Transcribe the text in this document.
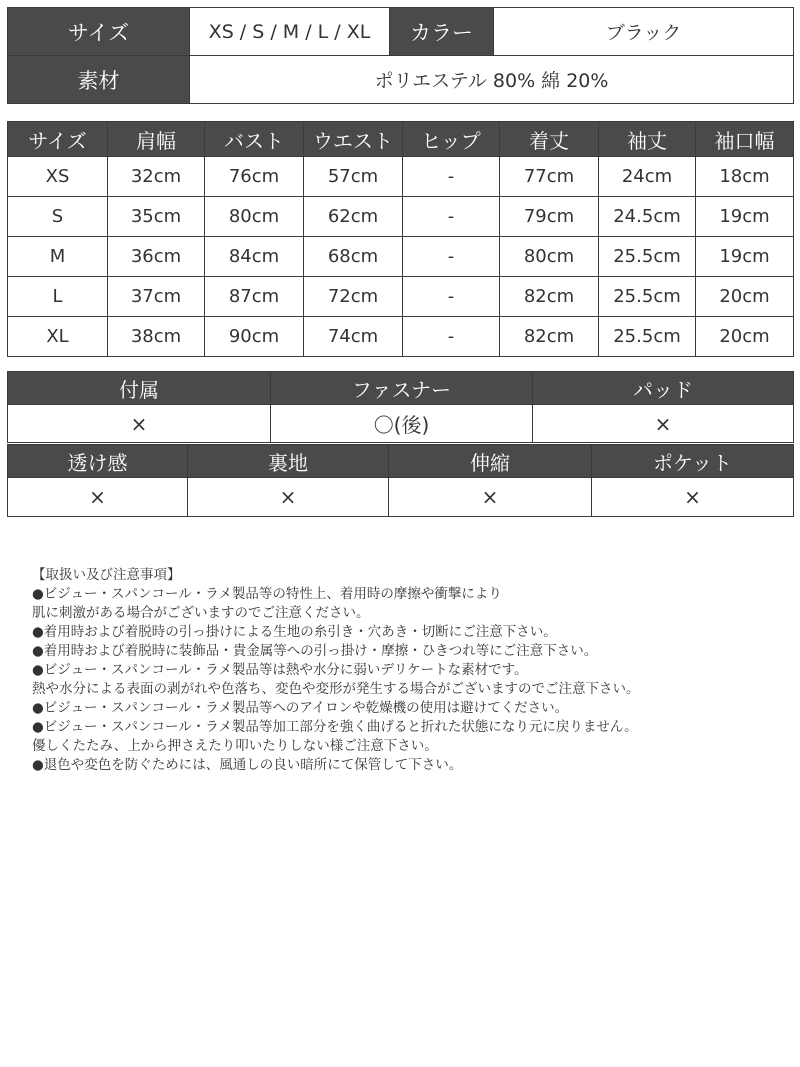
サイズ	XS / S / M / L / XL	カラー	ブラック
素材	ポリエステル 80% 綿 20%		
サイズ	肩幅	バスト	ウエスト	ヒップ	着丈	袖丈	袖口幅
XS	32cm	76cm	57cm	-	77cm	24cm	18cm
S	35cm	80cm	62cm	-	79cm	24.5cm	19cm
M	36cm	84cm	68cm	-	80cm	25.5cm	19cm
L	37cm	87cm	72cm	-	82cm	25.5cm	20cm
XL	38cm	90cm	74cm	-	82cm	25.5cm	20cm
付属	ファスナー	パッド
×	〇(後)	×
透け感	裏地	伸縮	ポケット
×	×	×	×
【取扱い及び注意事項】
●ビジュー・スパンコール・ラメ製品等の特性上、着用時の摩擦や衝撃により
肌に刺激がある場合がございますのでご注意ください。
●着用時および着脱時の引っ掛けによる生地の糸引き・穴あき・切断にご注意下さい。
●着用時および着脱時に装飾品・貴金属等への引っ掛け・摩擦・ひきつれ等にご注意下さい。
●ビジュー・スパンコール・ラメ製品等は熱や水分に弱いデリケートな素材です。
熱や水分による表面の剥がれや色落ち、変色や変形が発生する場合がございますのでご注意下さい。
●ビジュー・スパンコール・ラメ製品等へのアイロンや乾燥機の使用は避けてください。
●ビジュー・スパンコール・ラメ製品等加工部分を強く曲げると折れた状態になり元に戻りません。
優しくたたみ、上から押さえたり叩いたりしない様ご注意下さい。
●退色や変色を防ぐためには、風通しの良い暗所にて保管して下さい。
